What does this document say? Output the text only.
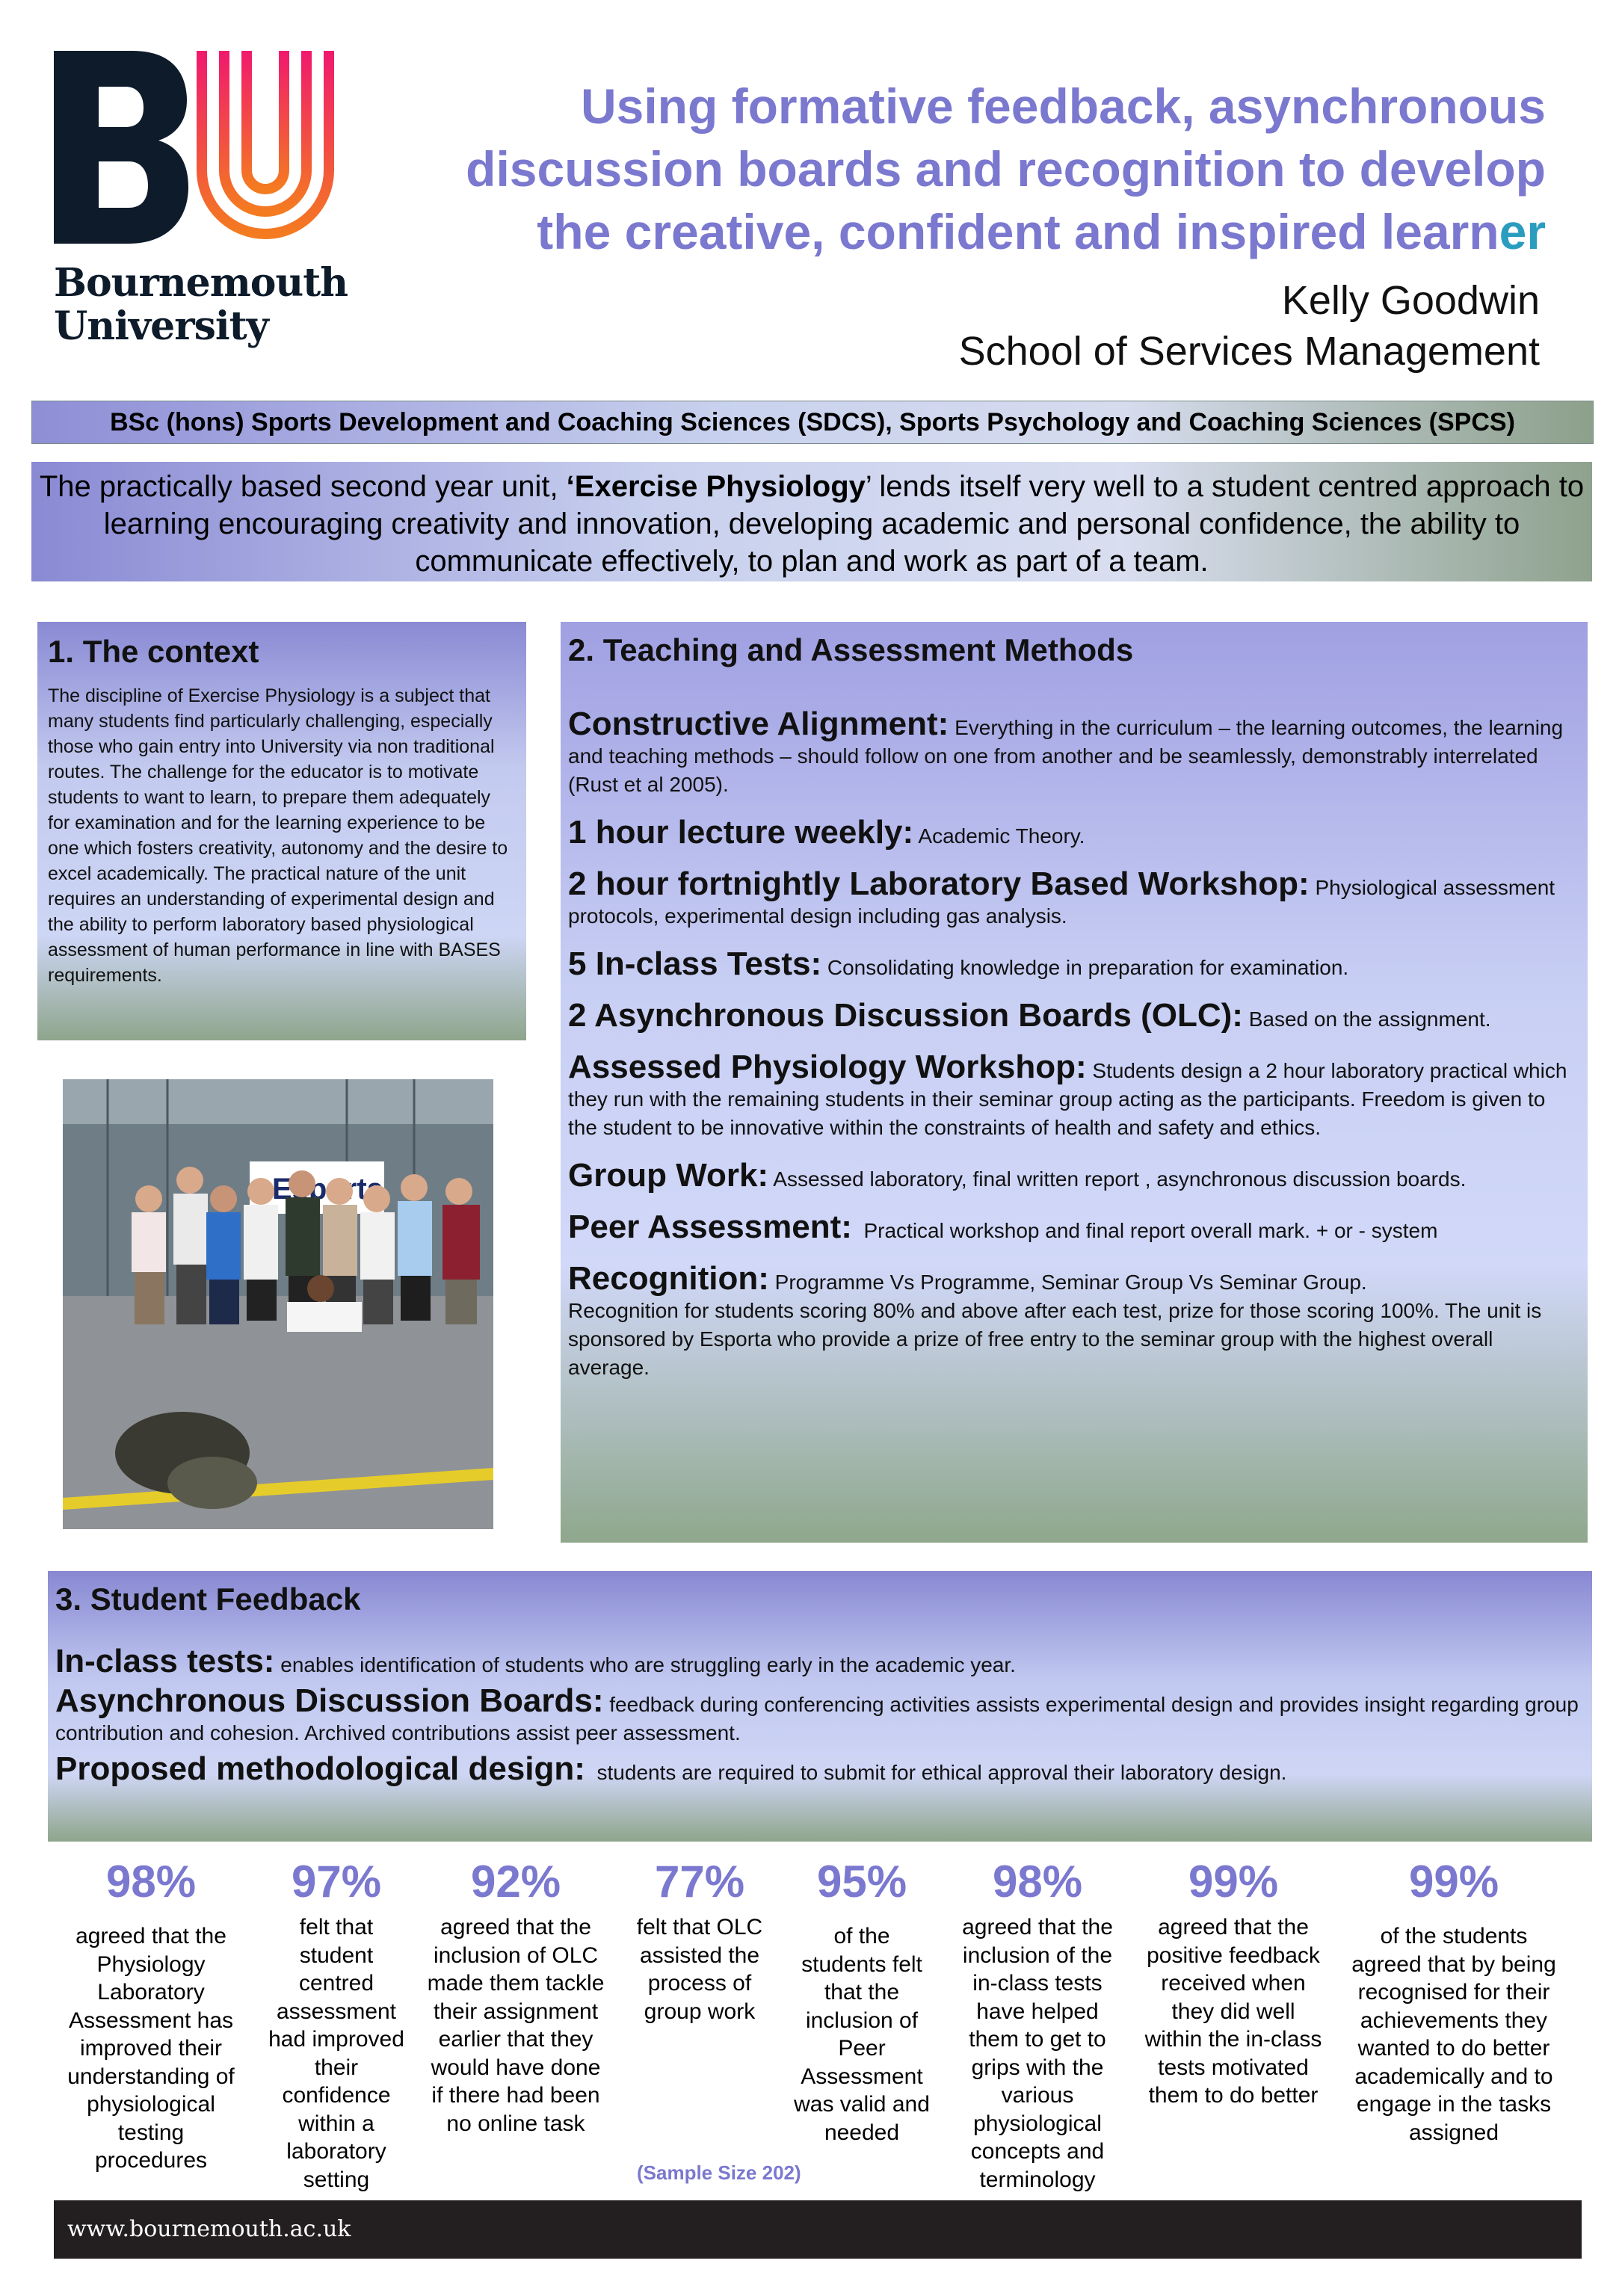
Bournemouth
University
Using formative feedback, asynchronous
discussion boards and recognition to develop
the creative, confident and inspired learner
Kelly Goodwin
School of Services Management
BSc (hons) Sports Development and Coaching Sciences (SDCS), Sports Psychology and Coaching Sciences (SPCS)
The practically based second year unit, ‘Exercise Physiology’ lends itself very well to a student centred approach to learning encouraging creativity and innovation, developing academic and personal confidence, the ability to communicate effectively, to plan and work as part of a team.
1. The context

The discipline of Exercise Physiology is a subject that many students find particularly challenging, especially those who gain entry into University via non traditional routes. The challenge for the educator is to motivate students to want to learn, to prepare them adequately for examination and for the learning experience to be one which fosters creativity, autonomy and the desire to excel academically. The practical nature of the unit requires an understanding of experimental design and the ability to perform laboratory based physiological assessment of human performance in line with BASES requirements.

2. Teaching and Assessment Methods
Constructive Alignment: Everything in the curriculum – the learning outcomes, the learning and teaching methods – should follow on one from another and be seamlessly, demonstrably interrelated (Rust et al 2005).
1 hour lecture weekly: Academic Theory.
2 hour fortnightly Laboratory Based Workshop: Physiological assessment protocols, experimental design including gas analysis.
5 In-class Tests: Consolidating knowledge in preparation for examination.
2 Asynchronous Discussion Boards (OLC): Based on the assignment.
Assessed Physiology Workshop: Students design a 2 hour laboratory practical which they run with the remaining students in their seminar group acting as the participants. Freedom is given to the student to be innovative within the constraints of health and safety and ethics.
Group Work: Assessed laboratory, final written report , asynchronous discussion boards.
Peer Assessment: Practical workshop and final report overall mark. + or - system
Recognition: Programme Vs Programme, Seminar Group Vs Seminar Group.
Recognition for students scoring 80% and above after each test, prize for those scoring 100%. The unit is sponsored by Esporta who provide a prize of free entry to the seminar group with the highest overall average.
3. Student Feedback
In-class tests: enables identification of students who are struggling early in the academic year.
Asynchronous Discussion Boards: feedback during conferencing activities assists experimental design and provides insight regarding group contribution and cohesion. Archived contributions assist peer assessment.
Proposed methodological design: students are required to submit for ethical approval their laboratory design.
98%
agreed that the Physiology Laboratory Assessment has improved their understanding of physiological testing procedures
97%
felt that student centred assessment had improved their confidence within a laboratory setting
92%
agreed that the inclusion of OLC made them tackle their assignment earlier that they would have done if there had been no online task
77%
felt that OLC assisted the process of group work
95%
of the students felt that the inclusion of Peer Assessment was valid and needed
98%
agreed that the inclusion of the in-class tests have helped them to get to grips with the various physiological concepts and terminology
99%
agreed that the positive feedback received when they did well within the in-class tests motivated them to do better
99%
of the students agreed that by being recognised for their achievements they wanted to do better academically and to engage in the tasks assigned
(Sample Size 202)
www.bournemouth.ac.uk
